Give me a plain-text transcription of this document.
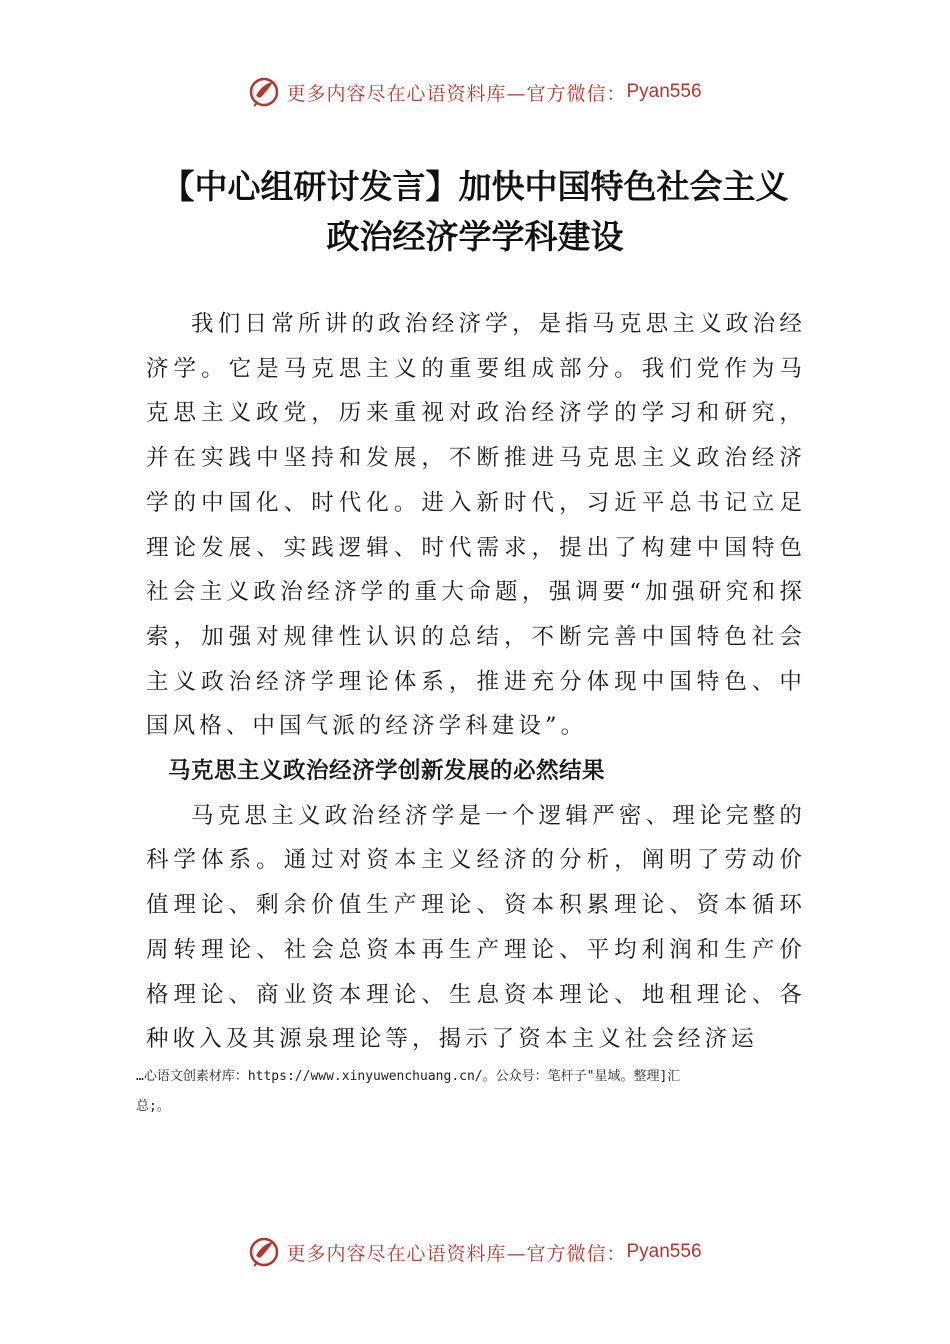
更多内容尽在心语资料库—官方微信： Pyan556
【中心组研讨发言】加快中国特色社会主义
政治经济学学科建设

我们日常所讲的政治经济学，是指马克思主义政治经济学。它是马克思主义的重要组成部分。我们党作为马克思主义政党，历来重视对政治经济学的学习和研究，并在实践中坚持和发展，不断推进马克思主义政治经济学的中国化、时代化。进入新时代，习近平总书记立足理论发展、实践逻辑、时代需求，提出了构建中国特色社会主义政治经济学的重大命题，强调要“加强研究和探索，加强对规律性认识的总结，不断完善中国特色社会主义政治经济学理论体系，推进充分体现中国特色、中国风格、中国气派的经济学科建设”。

马克思主义政治经济学创新发展的必然结果

马克思主义政治经济学是一个逻辑严密、理论完整的科学体系。通过对资本主义经济的分析，阐明了劳动价值理论、剩余价值生产理论、资本积累理论、资本循环周转理论、社会总资本再生产理论、平均利润和生产价格理论、商业资本理论、生息资本理论、地租理论、各种收入及其源泉理论等，揭示了资本主义社会经济运

…心语文创素材库：https://www.xinyuwenchuang.cn/。公众号：笔杆子"星域。整理]汇
总;。
更多内容尽在心语资料库—官方微信： Pyan556
